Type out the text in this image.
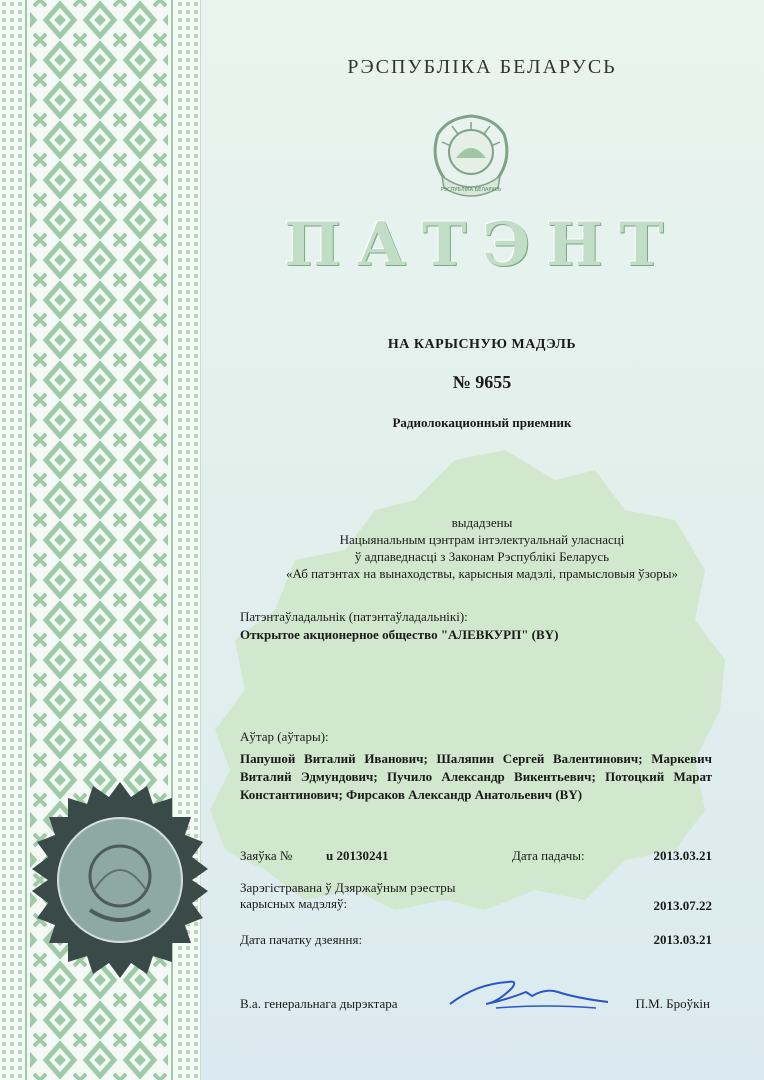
РЭСПУБЛІКА БЕЛАРУСЬ
РЭСПУБЛІКА БЕЛАРУСЬ
ПАТЭНТ
НА КАРЫСНУЮ МАДЭЛЬ
№ 9655
Радиолокационный приемник
выдадзены
Нацыянальным цэнтрам інтэлектуальнай уласнасці
ў адпаведнасці з Законам Рэспублікі Беларусь
«Аб патэнтах на вынаходствы, карысныя мадэлі, прамысловыя ўзоры»
Патэнтаўладальнік (патэнтаўладальнікі):
Открытое акционерное общество "АЛЕВКУРП" (BY)
Аўтар (аўтары):
Папушой Виталий Иванович; Шаляпин Сергей Валентинович; Маркевич Виталий Эдмундович; Пучило Александр Викентьевич; Потоцкий Марат Константинович; Фирсаков Александр Анатольевич (BY)
Заяўка №	u 20130241	Дата падачы:	2013.03.21
Зарэгістравана ў Дзяржаўным рэестры
карысных мадэляў:	2013.07.22
Дата пачатку дзеяння:	2013.03.21
В.а. генеральнага дырэктара	П.М. Броўкін
